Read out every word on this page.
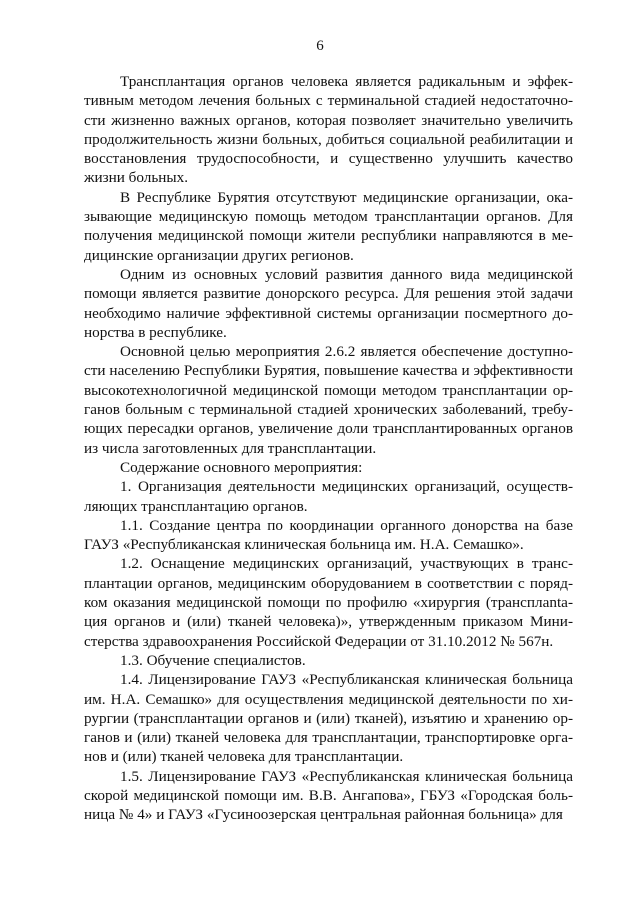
6

Трансплантация органов человека является радикальным и эффективным методом лечения больных с терминальной стадией недостаточности жизненно важных органов, которая позволяет значительно увеличить продолжительность жизни больных, добиться социальной реабилитации и восстановления трудоспособности, и существенно улучшить качество жизни больных.

В Республике Бурятия отсутствуют медицинские организации, оказывающие медицинскую помощь методом трансплантации органов. Для получения медицинской помощи жители республики направляются в медицинские организации других регионов.

Одним из основных условий развития данного вида медицинской помощи является развитие донорского ресурса. Для решения этой задачи необходимо наличие эффективной системы организации посмертного донорства в республике.

Основной целью мероприятия 2.6.2 является обеспечение доступности населению Республики Бурятия, повышение качества и эффективности высокотехнологичной медицинской помощи методом трансплантации органов больным с терминальной стадией хронических заболеваний, требующих пересадки органов, увеличение доли трансплантированных органов из числа заготовленных для трансплантации.

Содержание основного мероприятия:

1. Организация деятельности медицинских организаций, осуществляющих трансплантацию органов.

1.1. Создание центра по координации органного донорства на базе ГАУЗ «Республиканская клиническая больница им. Н.А. Семашко».

1.2. Оснащение медицинских организаций, участвующих в трансплантации органов, медицинским оборудованием в соответствии с порядком оказания медицинской помощи по профилю «хирургия (трансплantaция органов и (или) тканей человека)», утвержденным приказом Министерства здравоохранения Российской Федерации от 31.10.2012 № 567н.

1.3. Обучение специалистов.

1.4. Лицензирование ГАУЗ «Республиканская клиническая больница им. Н.А. Семашко» для осуществления медицинской деятельности по хирургии (трансплантации органов и (или) тканей), изъятию и хранению органов и (или) тканей человека для трансплантации, транспортировке органов и (или) тканей человека для трансплантации.

1.5. Лицензирование ГАУЗ «Республиканская клиническая больница скорой медицинской помощи им. В.В. Ангапова», ГБУЗ «Городская больница № 4» и ГАУЗ «Гусиноозерская центральная районная больница» для
